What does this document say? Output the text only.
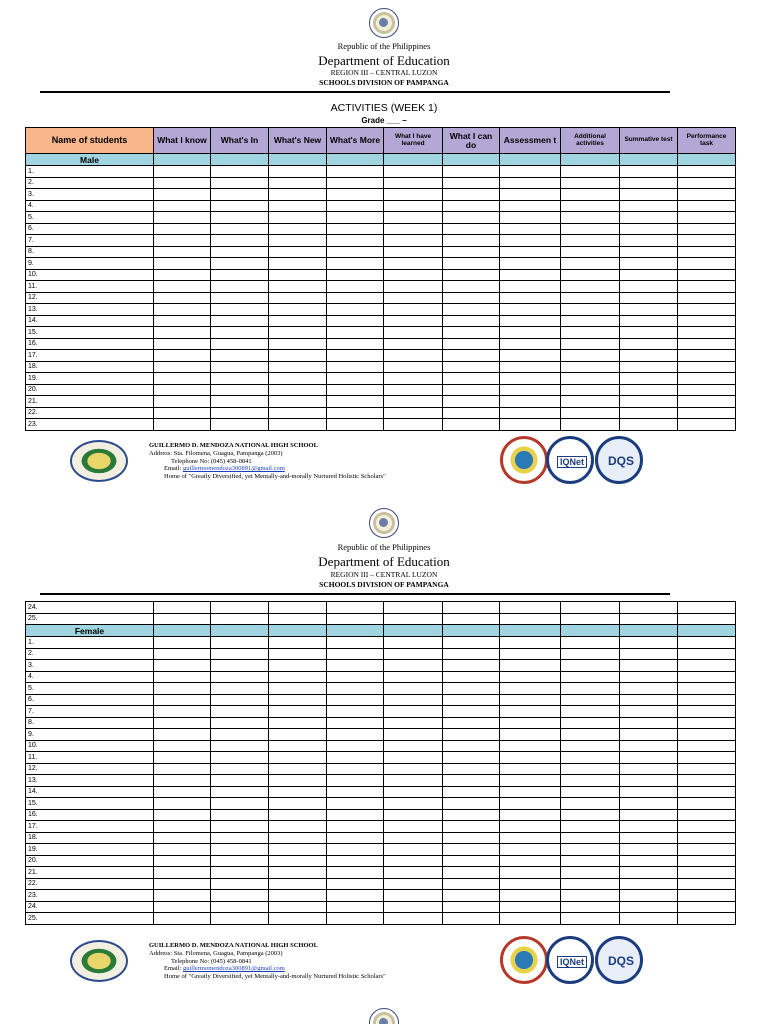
Republic of the Philippines
Department of Education
REGION III – CENTRAL LUZON
SCHOOLS DIVISION OF PAMPANGA
ACTIVITIES (WEEK 1)
Grade ___ –
Name of students	What I know	What's In	What's New	What's More	What I have learned	What I can do	Assessmen t	Additional activities	Summative test	Performance task
Male										
1.										
2.										
3.										
4.										
5.										
6.										
7.										
8.										
9.										
10.										
11.										
12.										
13.										
14.										
15.										
16.										
17.										
18.										
19.										
20.										
21.										
22.										
23.										
GUILLERMO D. MENDOZA NATIONAL HIGH SCHOOL
Address: Sta. Filomena, Guagua, Pampanga (2003)
Telephone No: (045) 458-0841
Email: guillermomendoza300891@gmail.com
Home of "Greatly Diversified, yet Mentally-and-morally Nurtured Holistic Scholars"
IQNet DQS
Republic of the Philippines
Department of Education
REGION III – CENTRAL LUZON
SCHOOLS DIVISION OF PAMPANGA
24.										
25.										
Female										
1.										
2.										
3.										
4.										
5.										
6.										
7.										
8.										
9.										
10.										
11.										
12.										
13.										
14.										
15.										
16.										
17.										
18.										
19.										
20.										
21.										
22.										
23.										
24.										
25.										
GUILLERMO D. MENDOZA NATIONAL HIGH SCHOOL
Address: Sta. Filomena, Guagua, Pampanga (2003)
Telephone No: (045) 458-0841
Email: guillermomendoza300891@gmail.com
Home of "Greatly Diversified, yet Mentally-and-morally Nurtured Holistic Scholars"
IQNet DQS
